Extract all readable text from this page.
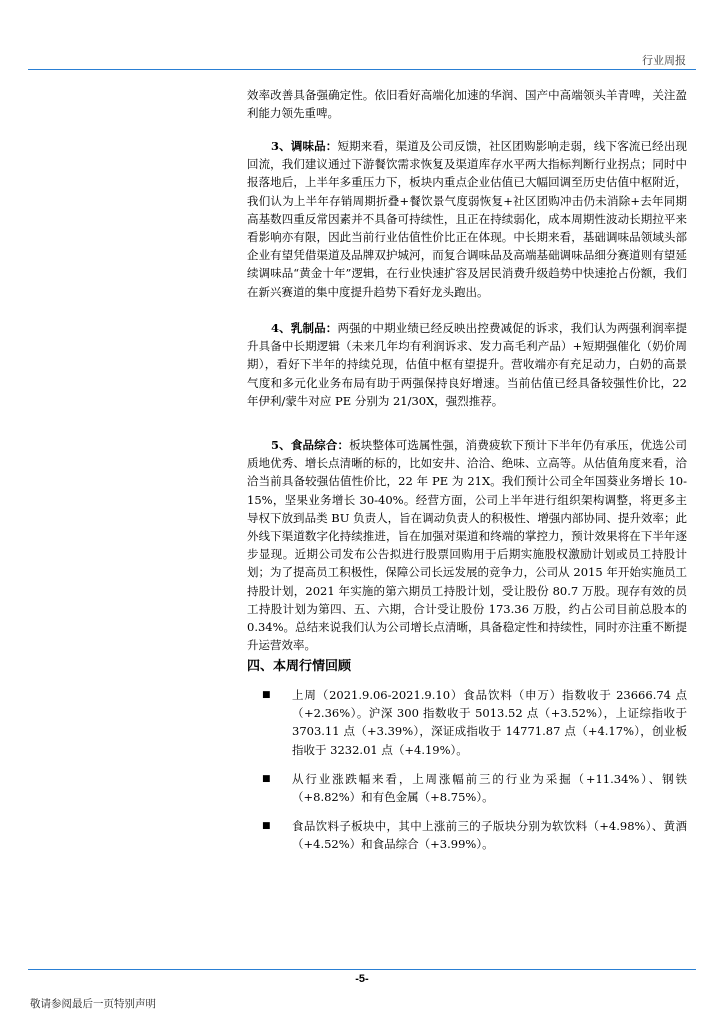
行业周报

效率改善具备强确定性。依旧看好高端化加速的华润、国产中高端领头羊青啤，关注盈利能力领先重啤。

3、调味品：短期来看，渠道及公司反馈，社区团购影响走弱，线下客流已经出现回流，我们建议通过下游餐饮需求恢复及渠道库存水平两大指标判断行业拐点；同时中报落地后，上半年多重压力下，板块内重点企业估值已大幅回调至历史估值中枢附近，我们认为上半年存销周期折叠+餐饮景气度弱恢复+社区团购冲击仍未消除+去年同期高基数四重反常因素并不具备可持续性，且正在持续弱化，成本周期性波动长期拉平来看影响亦有限，因此当前行业估值性价比正在体现。中长期来看，基础调味品领域头部企业有望凭借渠道及品牌双护城河，而复合调味品及高端基础调味品细分赛道则有望延续调味品“黄金十年”逻辑，在行业快速扩容及居民消费升级趋势中快速抢占份额，我们在新兴赛道的集中度提升趋势下看好龙头跑出。

4、乳制品：两强的中期业绩已经反映出控费减促的诉求，我们认为两强利润率提升具备中长期逻辑（未来几年均有利润诉求、发力高毛利产品）+短期强催化（奶价周期），看好下半年的持续兑现，估值中枢有望提升。营收端亦有充足动力，白奶的高景气度和多元化业务布局有助于两强保持良好增速。当前估值已经具备较强性价比，22 年伊利/蒙牛对应 PE 分别为 21/30X，强烈推荐。

5、食品综合：板块整体可选属性强，消费疲软下预计下半年仍有承压，优选公司质地优秀、增长点清晰的标的，比如安井、洽洽、绝味、立高等。从估值角度来看，洽洽当前具备较强估值性价比，22 年 PE 为 21X。我们预计公司全年国葵业务增长 10-15%，坚果业务增长 30-40%。经营方面，公司上半年进行组织架构调整，将更多主导权下放到品类 BU 负责人，旨在调动负责人的积极性、增强内部协同、提升效率；此外线下渠道数字化持续推进，旨在加强对渠道和终端的掌控力，预计效果将在下半年逐步显现。近期公司发布公告拟进行股票回购用于后期实施股权激励计划或员工持股计划；为了提高员工积极性，保障公司长远发展的竞争力，公司从 2015 年开始实施员工持股计划，2021 年实施的第六期员工持股计划，受让股份 80.7 万股。现存有效的员工持股计划为第四、五、六期，合计受让股份 173.36 万股，约占公司目前总股本的 0.34%。总结来说我们认为公司增长点清晰，具备稳定性和持续性，同时亦注重不断提升运营效率。

四、本周行情回顾
■ 上周（2021.9.06-2021.9.10）食品饮料（申万）指数收于 23666.74 点（+2.36%）。沪深 300 指数收于 5013.52 点（+3.52%），上证综指收于 3703.11 点（+3.39%），深证成指收于 14771.87 点（+4.17%），创业板指收于 3232.01 点（+4.19%）。
■ 从行业涨跌幅来看，上周涨幅前三的行业为采掘（+11.34%）、钢铁（+8.82%）和有色金属（+8.75%）。
■ 食品饮料子板块中，其中上涨前三的子版块分别为软饮料（+4.98%）、黄酒（+4.52%）和食品综合（+3.99%）。
-5-
敬请参阅最后一页特别声明
